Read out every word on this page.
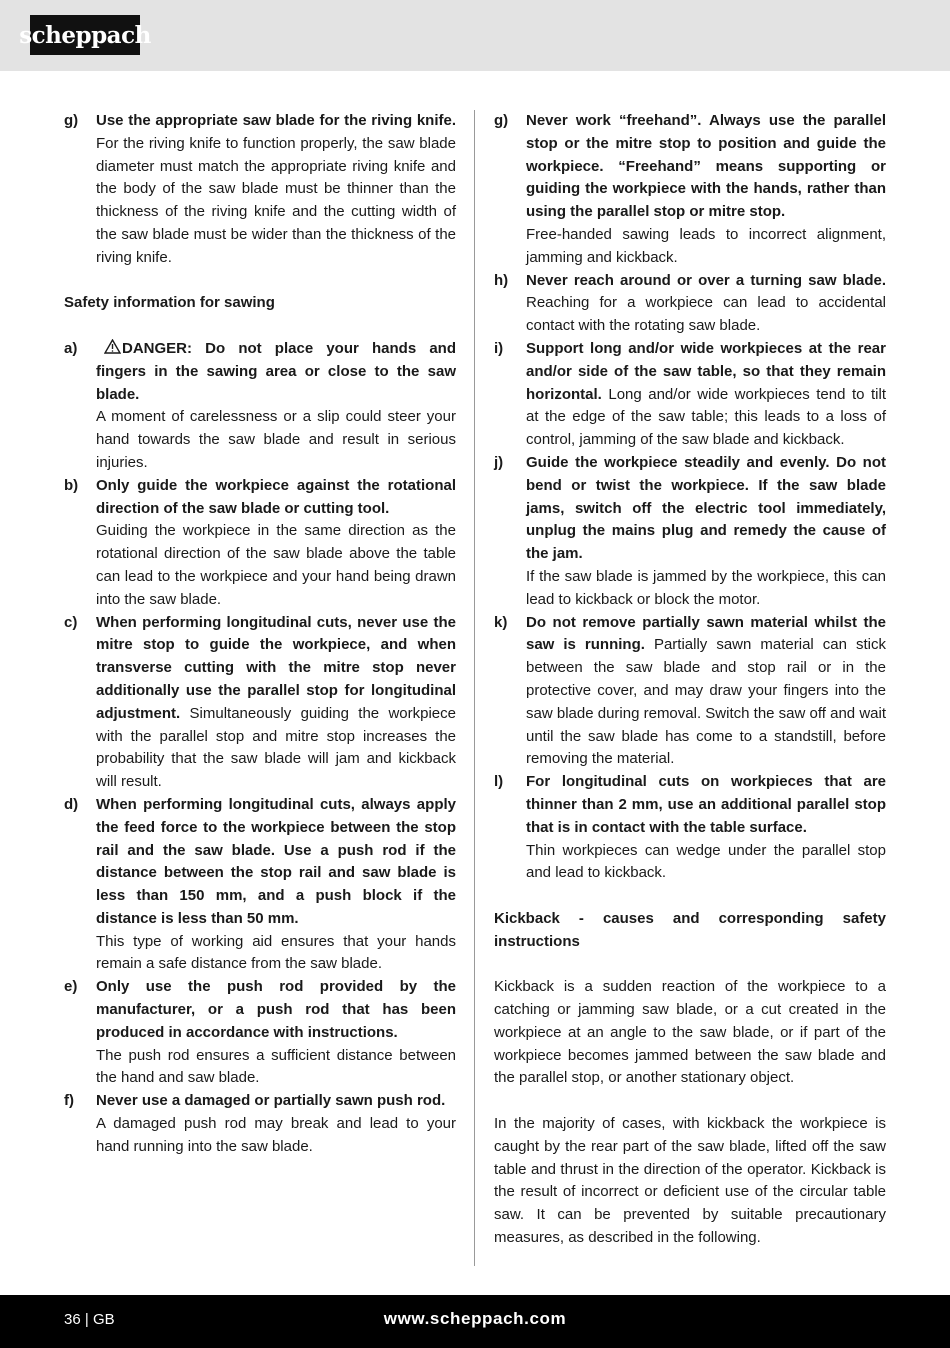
scheppach
g)	Use the appropriate saw blade for the riving knife. For the riving knife to function properly, the saw blade diameter must match the appropriate riving knife and the body of the saw blade must be thinner than the thickness of the riving knife and the cutting width of the saw blade must be wider than the thickness of the riving knife.
Safety information for sawing
a)	DANGER: Do not place your hands and fingers in the sawing area or close to the saw blade.
A moment of carelessness or a slip could steer your hand towards the saw blade and result in serious injuries.
b)	Only guide the workpiece against the rotational direction of the saw blade or cutting tool.
Guiding the workpiece in the same direction as the rotational direction of the saw blade above the table can lead to the workpiece and your hand being drawn into the saw blade.
c)	When performing longitudinal cuts, never use the mitre stop to guide the workpiece, and when transverse cutting with the mitre stop never additionally use the parallel stop for longitudinal adjustment. Simultaneously guiding the workpiece with the parallel stop and mitre stop increases the probability that the saw blade will jam and kickback will result.
d)	When performing longitudinal cuts, always apply the feed force to the workpiece between the stop rail and the saw blade. Use a push rod if the distance between the stop rail and saw blade is less than 150 mm, and a push block if the distance is less than 50 mm.
This type of working aid ensures that your hands remain a safe distance from the saw blade.
e)	Only use the push rod provided by the manufacturer, or a push rod that has been produced in accordance with instructions.
The push rod ensures a sufficient distance between the hand and saw blade.
f)	Never use a damaged or partially sawn push rod.
A damaged push rod may break and lead to your hand running into the saw blade.
g)	Never work “freehand”. Always use the parallel stop or the mitre stop to position and guide the workpiece. “Freehand” means supporting or guiding the workpiece with the hands, rather than using the parallel stop or mitre stop.
Free-handed sawing leads to incorrect alignment, jamming and kickback.
h)	Never reach around or over a turning saw blade. Reaching for a workpiece can lead to accidental contact with the rotating saw blade.
i)	Support long and/or wide workpieces at the rear and/or side of the saw table, so that they remain horizontal. Long and/or wide workpieces tend to tilt at the edge of the saw table; this leads to a loss of control, jamming of the saw blade and kickback.
j)	Guide the workpiece steadily and evenly. Do not bend or twist the workpiece. If the saw blade jams, switch off the electric tool immediately, unplug the mains plug and remedy the cause of the jam.
If the saw blade is jammed by the workpiece, this can lead to kickback or block the motor.
k)	Do not remove partially sawn material whilst the saw is running. Partially sawn material can stick between the saw blade and stop rail or in the protective cover, and may draw your fingers into the saw blade during removal. Switch the saw off and wait until the saw blade has come to a standstill, before removing the material.
l)	For longitudinal cuts on workpieces that are thinner than 2 mm, use an additional parallel stop that is in contact with the table surface.
Thin workpieces can wedge under the parallel stop and lead to kickback.
Kickback - causes and corresponding safety instructions
Kickback is a sudden reaction of the workpiece to a catching or jamming saw blade, or a cut created in the workpiece at an angle to the saw blade, or if part of the workpiece becomes jammed between the saw blade and the parallel stop, or another stationary object.
In the majority of cases, with kickback the workpiece is caught by the rear part of the saw blade, lifted off the saw table and thrust in the direction of the operator. Kickback is the result of incorrect or deficient use of the circular table saw. It can be prevented by suitable precautionary measures, as described in the following.
36 | GB	www.scheppach.com
